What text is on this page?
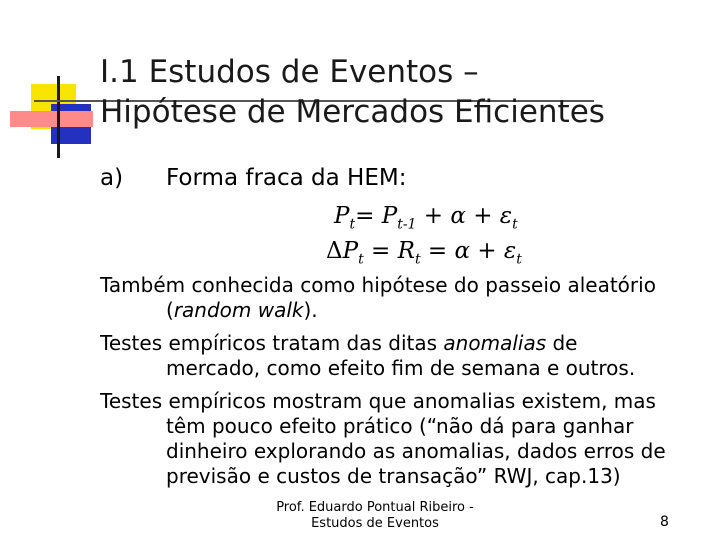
I.1 Estudos de Eventos –
Hipótese de Mercados Eficientes
a) Forma fraca da HEM:
$P_t= P_{t-1} + \alpha + \varepsilon_t$
$\Delta P_t = R_t = \alpha + \varepsilon_t$
Também conhecida como hipótese do passeio aleatório
(random walk).
Testes empíricos tratam das ditas anomalias de
mercado, como efeito fim de semana e outros.
Testes empíricos mostram que anomalias existem, mas
têm pouco efeito prático (“não dá para ganhar
dinheiro explorando as anomalias, dados erros de
previsão e custos de transação” RWJ, cap.13)
Prof. Eduardo Pontual Ribeiro -
Estudos de Eventos	8
